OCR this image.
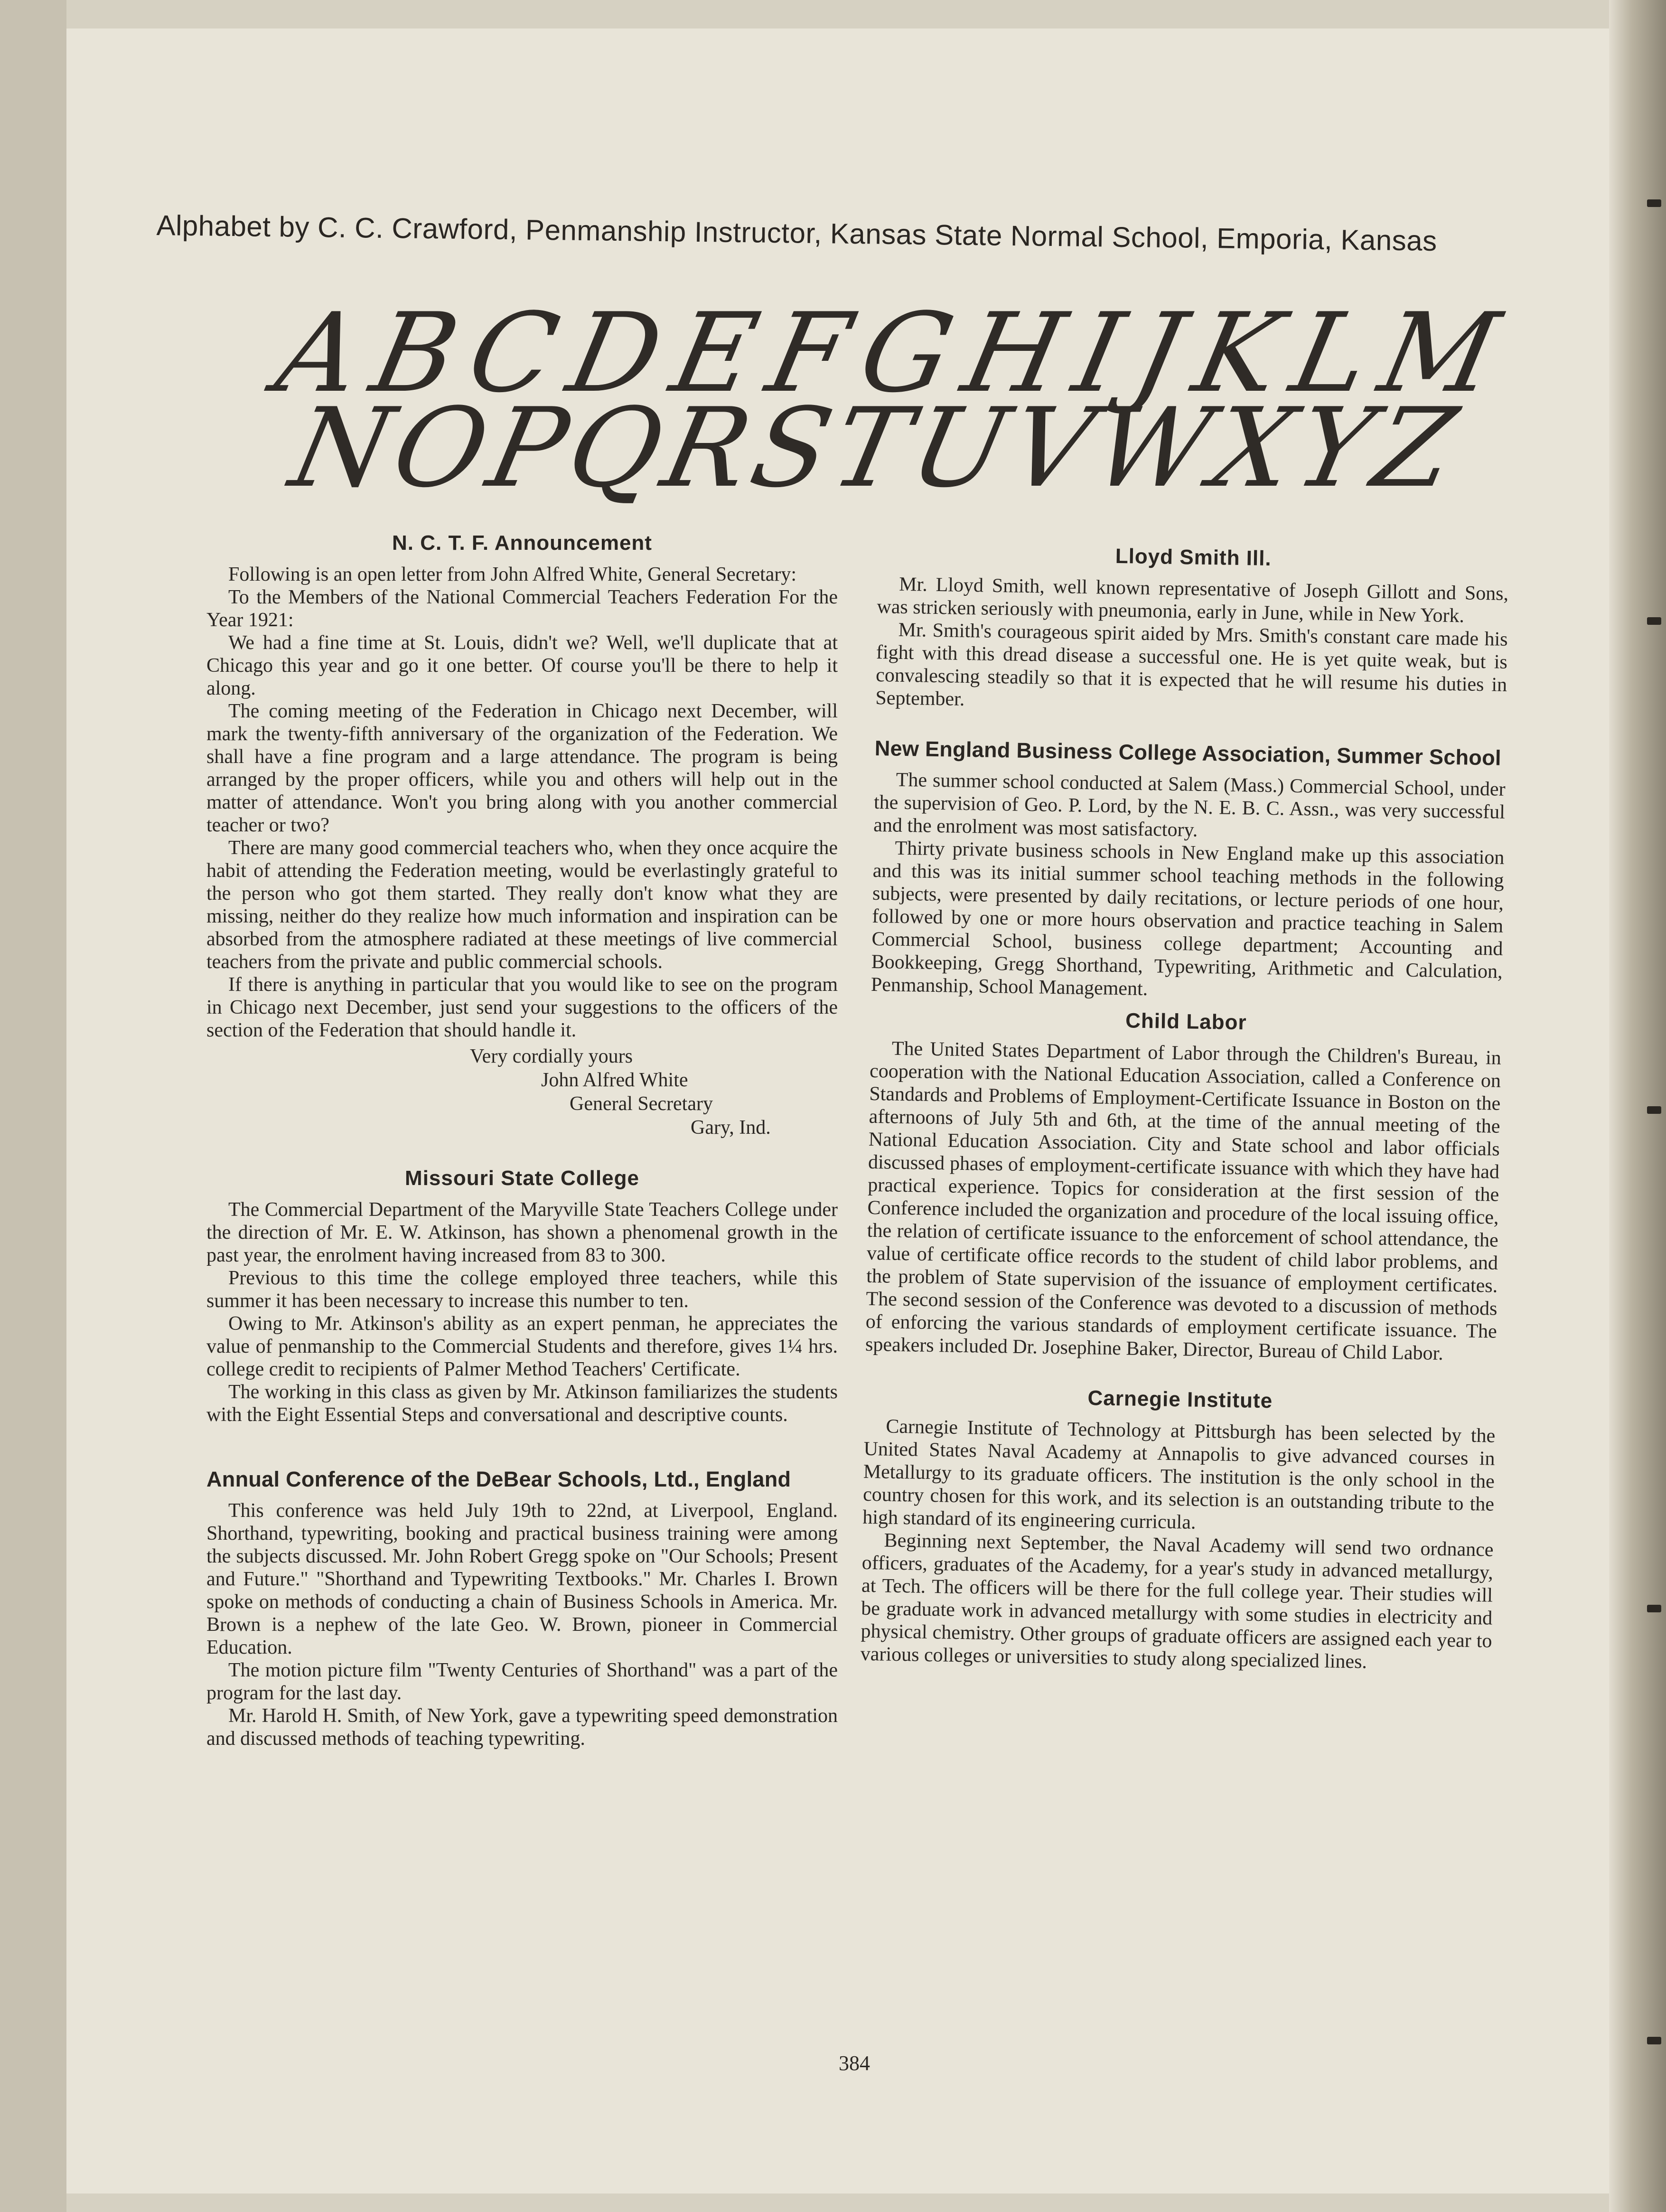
Alphabet by C. C. Crawford, Penmanship Instructor, Kansas State Normal School, Emporia, Kansas
A
B
C
D
E
F
G
H
I
J
K
L
M
N
O
P
Q
R
S
T
U
V
W
X
Y
Z
N. C. T. F. Announcement

Following is an open letter from John Alfred White, General Secretary:

To the Members of the National Commercial Teachers Federation For the Year 1921:

We had a fine time at St. Louis, didn't we? Well, we'll duplicate that at Chicago this year and go it one better. Of course you'll be there to help it along.

The coming meeting of the Federation in Chicago next December, will mark the twenty-fifth anniversary of the organization of the Federation. We shall have a fine program and a large attendance. The program is being arranged by the proper officers, while you and others will help out in the matter of attendance. Won't you bring along with you another commercial teacher or two?

There are many good commercial teachers who, when they once acquire the habit of attending the Federation meeting, would be everlastingly grateful to the person who got them started. They really don't know what they are missing, neither do they realize how much information and inspiration can be absorbed from the atmosphere radiated at these meetings of live commercial teachers from the private and public commercial schools.

If there is anything in particular that you would like to see on the program in Chicago next December, just send your suggestions to the officers of the section of the Federation that should handle it.

Very cordially yours
John Alfred White
General Secretary
Gary, Ind.
Missouri State College

The Commercial Department of the Maryville State Teachers College under the direction of Mr. E. W. Atkinson, has shown a phenomenal growth in the past year, the enrolment having increased from 83 to 300.

Previous to this time the college employed three teachers, while this summer it has been necessary to increase this number to ten.

Owing to Mr. Atkinson's ability as an expert penman, he appreciates the value of penmanship to the Commercial Students and therefore, gives 1¼ hrs. college credit to recipients of Palmer Method Teachers' Certificate.

The working in this class as given by Mr. Atkinson familiarizes the students with the Eight Essential Steps and conversational and descriptive counts.

Annual Conference of the DeBear Schools, Ltd., England

This conference was held July 19th to 22nd, at Liverpool, England. Shorthand, typewriting, booking and practical business training were among the subjects discussed. Mr. John Robert Gregg spoke on "Our Schools; Present and Future." "Shorthand and Typewriting Textbooks." Mr. Charles I. Brown spoke on methods of conducting a chain of Business Schools in America. Mr. Brown is a nephew of the late Geo. W. Brown, pioneer in Commercial Education.

The motion picture film "Twenty Centuries of Shorthand" was a part of the program for the last day.

Mr. Harold H. Smith, of New York, gave a typewriting speed demonstration and discussed methods of teaching typewriting.

Lloyd Smith Ill.

Mr. Lloyd Smith, well known representative of Joseph Gillott and Sons, was stricken seriously with pneumonia, early in June, while in New York.

Mr. Smith's courageous spirit aided by Mrs. Smith's constant care made his fight with this dread disease a successful one. He is yet quite weak, but is convalescing steadily so that it is expected that he will resume his duties in September.

New England Business College Association, Summer School

The summer school conducted at Salem (Mass.) Commercial School, under the supervision of Geo. P. Lord, by the N. E. B. C. Assn., was very successful and the enrolment was most satisfactory.

Thirty private business schools in New England make up this association and this was its initial summer school teaching methods in the following subjects, were presented by daily recitations, or lecture periods of one hour, followed by one or more hours observation and practice teaching in Salem Commercial School, business college department; Accounting and Bookkeeping, Gregg Shorthand, Typewriting, Arithmetic and Calculation, Penmanship, School Management.

Child Labor

The United States Department of Labor through the Children's Bureau, in cooperation with the National Education Association, called a Conference on Standards and Problems of Employment-Certificate Issuance in Boston on the afternoons of July 5th and 6th, at the time of the annual meeting of the National Education Association. City and State school and labor officials discussed phases of employment-certificate issuance with which they have had practical experience. Topics for consideration at the first session of the Conference included the organization and procedure of the local issuing office, the relation of certificate issuance to the enforcement of school attendance, the value of certificate office records to the student of child labor problems, and the problem of State supervision of the issuance of employment certificates. The second session of the Conference was devoted to a discussion of methods of enforcing the various standards of employment certificate issuance. The speakers included Dr. Josephine Baker, Director, Bureau of Child Labor.

Carnegie Institute

Carnegie Institute of Technology at Pittsburgh has been selected by the United States Naval Academy at Annapolis to give advanced courses in Metallurgy to its graduate officers. The institution is the only school in the country chosen for this work, and its selection is an outstanding tribute to the high standard of its engineering curricula.

Beginning next September, the Naval Academy will send two ordnance officers, graduates of the Academy, for a year's study in advanced metallurgy, at Tech. The officers will be there for the full college year. Their studies will be graduate work in advanced metallurgy with some studies in electricity and physical chemistry. Other groups of graduate officers are assigned each year to various colleges or universities to study along specialized lines.

384
